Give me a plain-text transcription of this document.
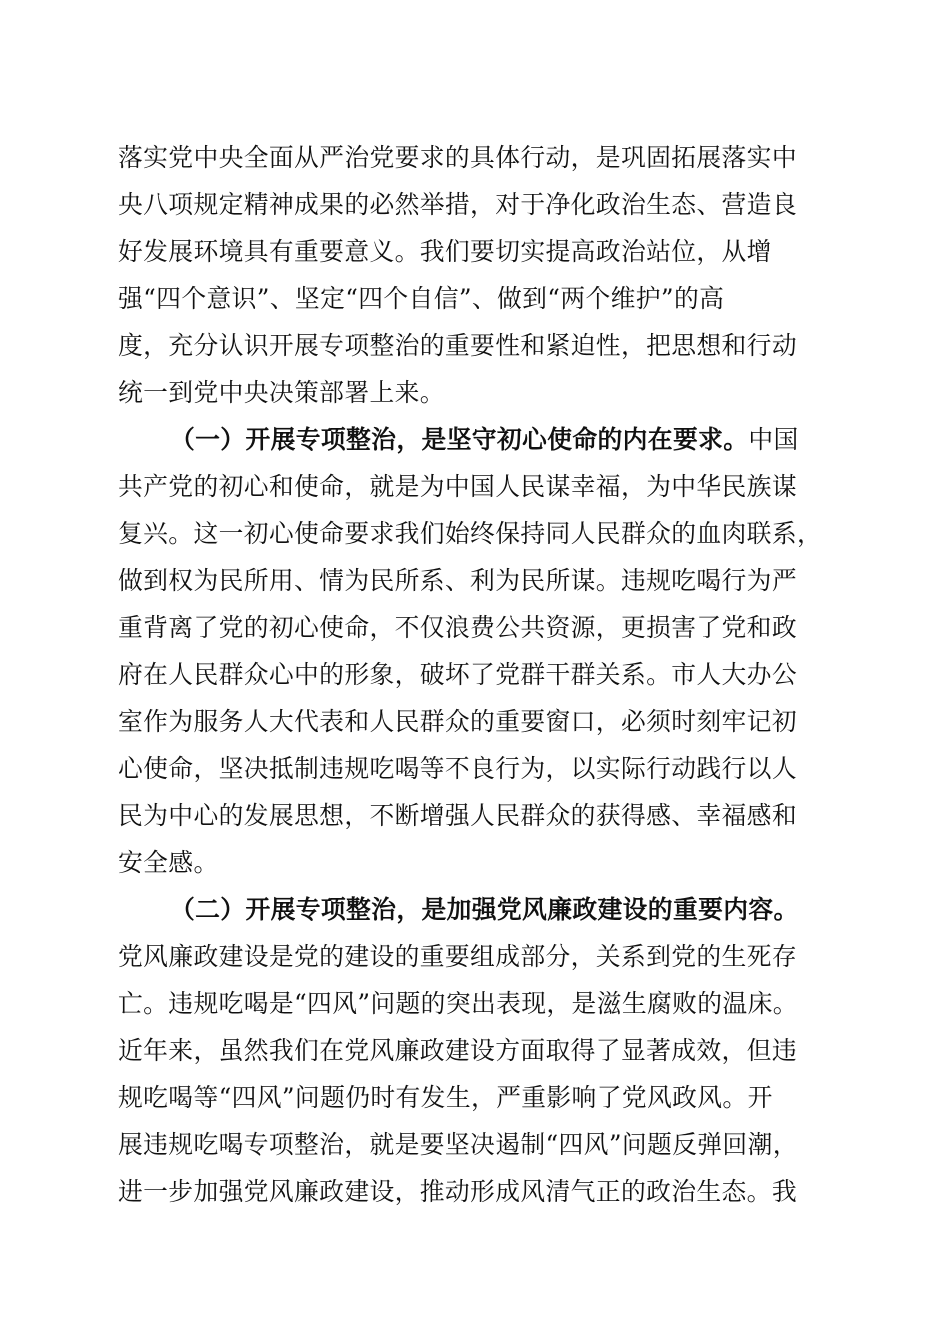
落实党中央全面从严治党要求的具体行动，是巩固拓展落实中
央八项规定精神成果的必然举措，对于净化政治生态、营造良
好发展环境具有重要意义。我们要切实提高政治站位，从增
强“四个意识”、坚定“四个自信”、做到“两个维护”的高
度，充分认识开展专项整治的重要性和紧迫性，把思想和行动
统一到党中央决策部署上来。
（一）开展专项整治，是坚守初心使命的内在要求。中国
共产党的初心和使命，就是为中国人民谋幸福，为中华民族谋
复兴。这一初心使命要求我们始终保持同人民群众的血肉联系，
做到权为民所用、情为民所系、利为民所谋。违规吃喝行为严
重背离了党的初心使命，不仅浪费公共资源，更损害了党和政
府在人民群众心中的形象，破坏了党群干群关系。市人大办公
室作为服务人大代表和人民群众的重要窗口，必须时刻牢记初
心使命，坚决抵制违规吃喝等不良行为，以实际行动践行以人
民为中心的发展思想，不断增强人民群众的获得感、幸福感和
安全感。
（二）开展专项整治，是加强党风廉政建设的重要内容。
党风廉政建设是党的建设的重要组成部分，关系到党的生死存
亡。违规吃喝是“四风”问题的突出表现，是滋生腐败的温床。
近年来，虽然我们在党风廉政建设方面取得了显著成效，但违
规吃喝等“四风”问题仍时有发生，严重影响了党风政风。开
展违规吃喝专项整治，就是要坚决遏制“四风”问题反弹回潮，
进一步加强党风廉政建设，推动形成风清气正的政治生态。我
